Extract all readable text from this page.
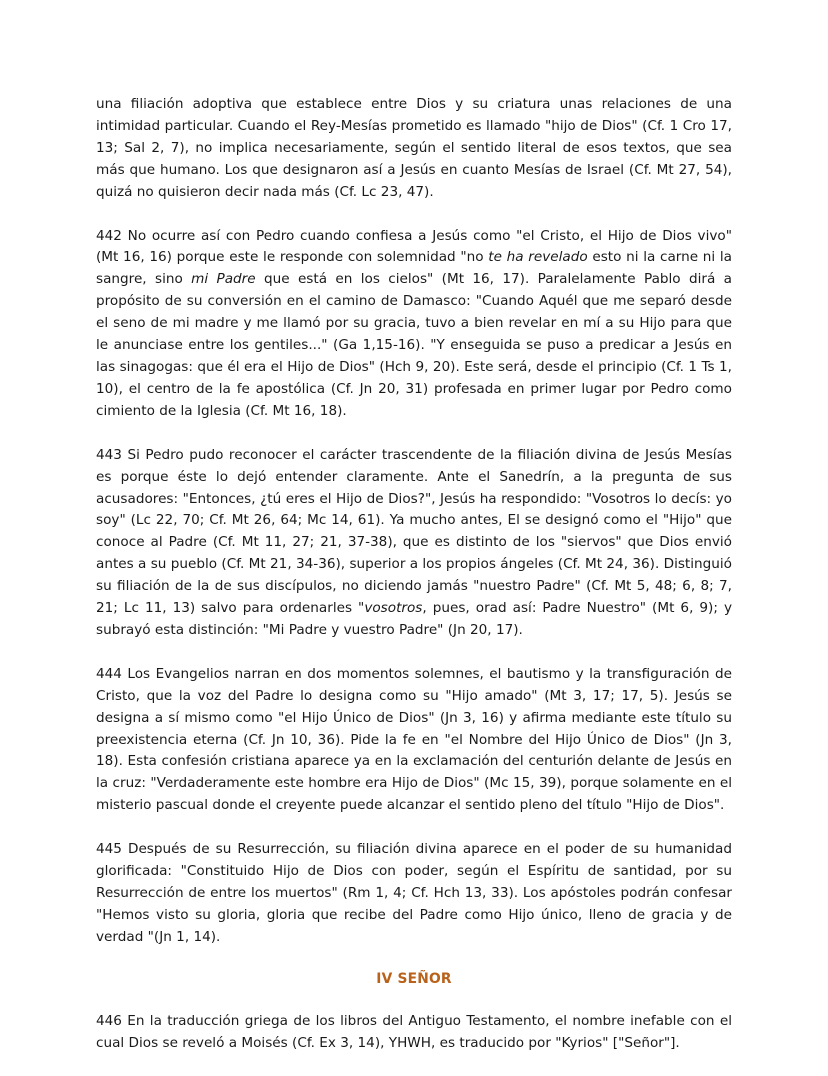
una filiación adoptiva que establece entre Dios y su criatura unas relaciones de una intimidad particular. Cuando el Rey-Mesías prometido es llamado "hijo de Dios" (Cf. 1 Cro 17, 13; Sal 2, 7), no implica necesariamente, según el sentido literal de esos textos, que sea más que humano. Los que designaron así a Jesús en cuanto Mesías de Israel (Cf. Mt 27, 54), quizá no quisieron decir nada más (Cf. Lc 23, 47).

442 No ocurre así con Pedro cuando confiesa a Jesús como "el Cristo, el Hijo de Dios vivo" (Mt 16, 16) porque este le responde con solemnidad "no te ha revelado esto ni la carne ni la sangre, sino mi Padre que está en los cielos" (Mt 16, 17). Paralelamente Pablo dirá a propósito de su conversión en el camino de Damasco: "Cuando Aquél que me separó desde el seno de mi madre y me llamó por su gracia, tuvo a bien revelar en mí a su Hijo para que le anunciase entre los gentiles..." (Ga 1,15-16). "Y enseguida se puso a predicar a Jesús en las sinagogas: que él era el Hijo de Dios" (Hch 9, 20). Este será, desde el principio (Cf. 1 Ts 1, 10), el centro de la fe apostólica (Cf. Jn 20, 31) profesada en primer lugar por Pedro como cimiento de la Iglesia (Cf. Mt 16, 18).

443 Si Pedro pudo reconocer el carácter trascendente de la filiación divina de Jesús Mesías es porque éste lo dejó entender claramente. Ante el Sanedrín, a la pregunta de sus acusadores: "Entonces, ¿tú eres el Hijo de Dios?", Jesús ha respondido: "Vosotros lo decís: yo soy" (Lc 22, 70; Cf. Mt 26, 64; Mc 14, 61). Ya mucho antes, El se designó como el "Hijo" que conoce al Padre (Cf. Mt 11, 27; 21, 37-38), que es distinto de los "siervos" que Dios envió antes a su pueblo (Cf. Mt 21, 34-36), superior a los propios ángeles (Cf. Mt 24, 36). Distinguió su filiación de la de sus discípulos, no diciendo jamás "nuestro Padre" (Cf. Mt 5, 48; 6, 8; 7, 21; Lc 11, 13) salvo para ordenarles "vosotros, pues, orad así: Padre Nuestro" (Mt 6, 9); y subrayó esta distinción: "Mi Padre y vuestro Padre" (Jn 20, 17).

444 Los Evangelios narran en dos momentos solemnes, el bautismo y la transfiguración de Cristo, que la voz del Padre lo designa como su "Hijo amado" (Mt 3, 17; 17, 5). Jesús se designa a sí mismo como "el Hijo Único de Dios" (Jn 3, 16) y afirma mediante este título su preexistencia eterna (Cf. Jn 10, 36). Pide la fe en "el Nombre del Hijo Único de Dios" (Jn 3, 18). Esta confesión cristiana aparece ya en la exclamación del centurión delante de Jesús en la cruz: "Verdaderamente este hombre era Hijo de Dios" (Mc 15, 39), porque solamente en el misterio pascual donde el creyente puede alcanzar el sentido pleno del título "Hijo de Dios".

445 Después de su Resurrección, su filiación divina aparece en el poder de su humanidad glorificada: "Constituido Hijo de Dios con poder, según el Espíritu de santidad, por su Resurrección de entre los muertos" (Rm 1, 4; Cf. Hch 13, 33). Los apóstoles podrán confesar "Hemos visto su gloria, gloria que recibe del Padre como Hijo único, lleno de gracia y de verdad "(Jn 1, 14).

IV SEÑOR

446 En la traducción griega de los libros del Antiguo Testamento, el nombre inefable con el cual Dios se reveló a Moisés (Cf. Ex 3, 14), YHWH, es traducido por "Kyrios" ["Señor"].
